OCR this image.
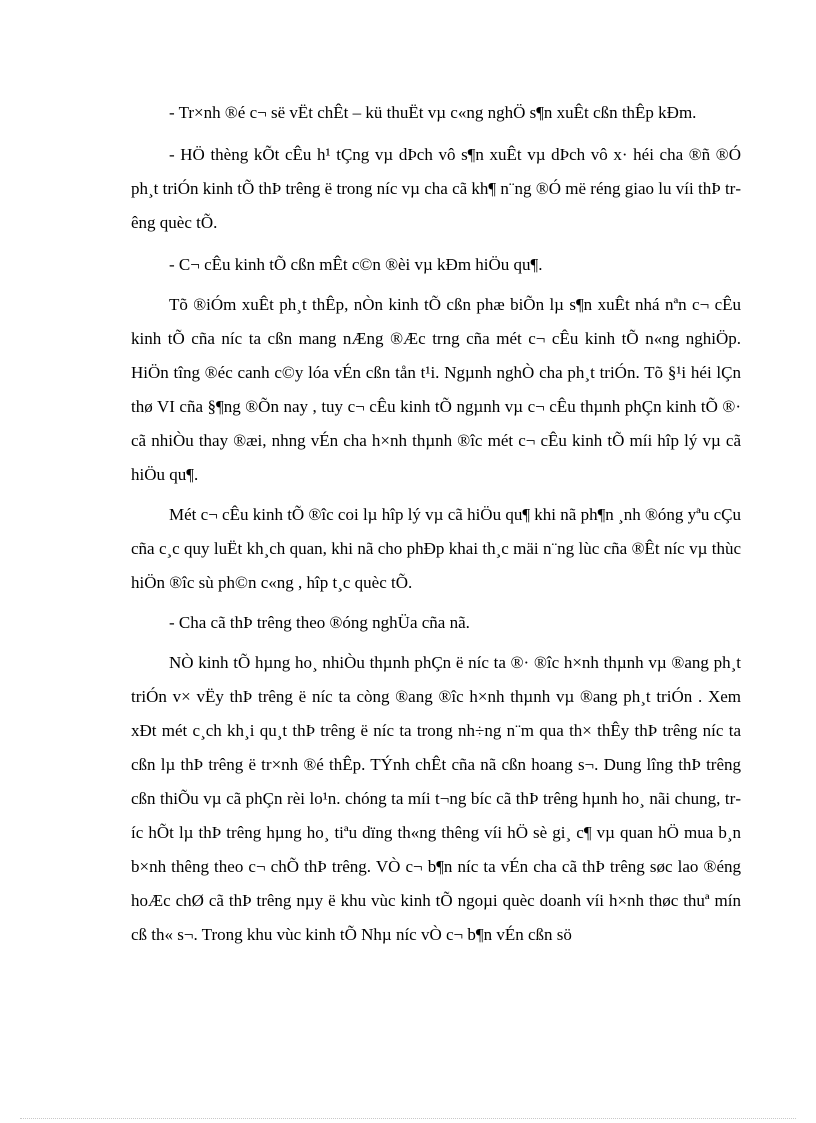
- Tr×nh ®é c¬ së vËt chÊt – kü thuËt vµ c«ng nghÖ s¶n xuÊt cßn thÊp kÐm.

- HÖ thèng kÕt cÊu h¹ tÇng vµ dÞch vô s¶n xuÊt vµ dÞch vô x· héi cha ®ñ ®Ó ph¸t triÓn kinh tÕ thÞ trêng ë trong níc vµ cha cã kh¶ n¨ng ®Ó më réng giao lu víi thÞ trêng quèc tÕ.

- C¬ cÊu kinh tÕ cßn mÊt c©n ®èi vµ kÐm hiÖu qu¶.

Tõ ®iÓm xuÊt ph¸t thÊp, nÒn kinh tÕ cßn phæ biÕn lµ s¶n xuÊt nhá nªn c¬ cÊu kinh tÕ cña níc ta cßn mang nÆng ®Æc trng cña mét c¬ cÊu kinh tÕ n«ng nghiÖp. HiÖn tîng ®éc canh c©y lóa vÉn cßn tån t¹i. Ngµnh nghÒ cha ph¸t triÓn. Tõ §¹i héi lÇn thø VI cña §¶ng ®Õn nay , tuy c¬ cÊu kinh tÕ ngµnh vµ c¬ cÊu thµnh phÇn kinh tÕ ®· cã nhiÒu thay ®æi, nhng vÉn cha h×nh thµnh ®îc mét c¬ cÊu kinh tÕ míi hîp lý vµ cã hiÖu qu¶.

Mét c¬ cÊu kinh tÕ ®îc coi lµ hîp lý vµ cã hiÖu qu¶ khi nã ph¶n ¸nh ®óng yªu cÇu cña c¸c quy luËt kh¸ch quan, khi nã cho phÐp khai th¸c mäi n¨ng lùc cña ®Êt níc vµ thùc hiÖn ®îc sù ph©n c«ng , hîp t¸c quèc tÕ.

- Cha cã thÞ trêng theo ®óng nghÜa cña nã.

NÒ kinh tÕ hµng ho¸ nhiÒu thµnh phÇn ë níc ta ®· ®îc h×nh thµnh vµ ®ang ph¸t triÓn v× vËy thÞ trêng ë níc ta còng ®ang ®îc h×nh thµnh vµ ®ang ph¸t triÓn . Xem xÐt mét c¸ch kh¸i qu¸t thÞ trêng ë níc ta trong nh÷ng n¨m qua th× thÊy thÞ trêng níc ta cßn lµ thÞ trêng ë tr×nh ®é thÊp. TÝnh chÊt cña nã cßn hoang s¬. Dung lîng thÞ trêng cßn thiÕu vµ cã phÇn rèi lo¹n. chóng ta míi t¬ng bíc cã thÞ trêng hµnh ho¸ nãi chung, tríc hÕt lµ thÞ trêng hµng ho¸ tiªu dïng th«ng thêng víi hÖ sè gi¸ c¶ vµ quan hÖ mua b¸n b×nh thêng theo c¬ chÕ thÞ trêng. VÒ c¬ b¶n níc ta vÉn cha cã thÞ trêng søc lao ®éng hoÆc chØ cã thÞ trêng nµy ë khu vùc kinh tÕ ngoµi quèc doanh víi h×nh thøc thuª mín cß th« s¬. Trong khu vùc kinh tÕ Nhµ níc vÒ c¬ b¶n vÉn cßn sö
